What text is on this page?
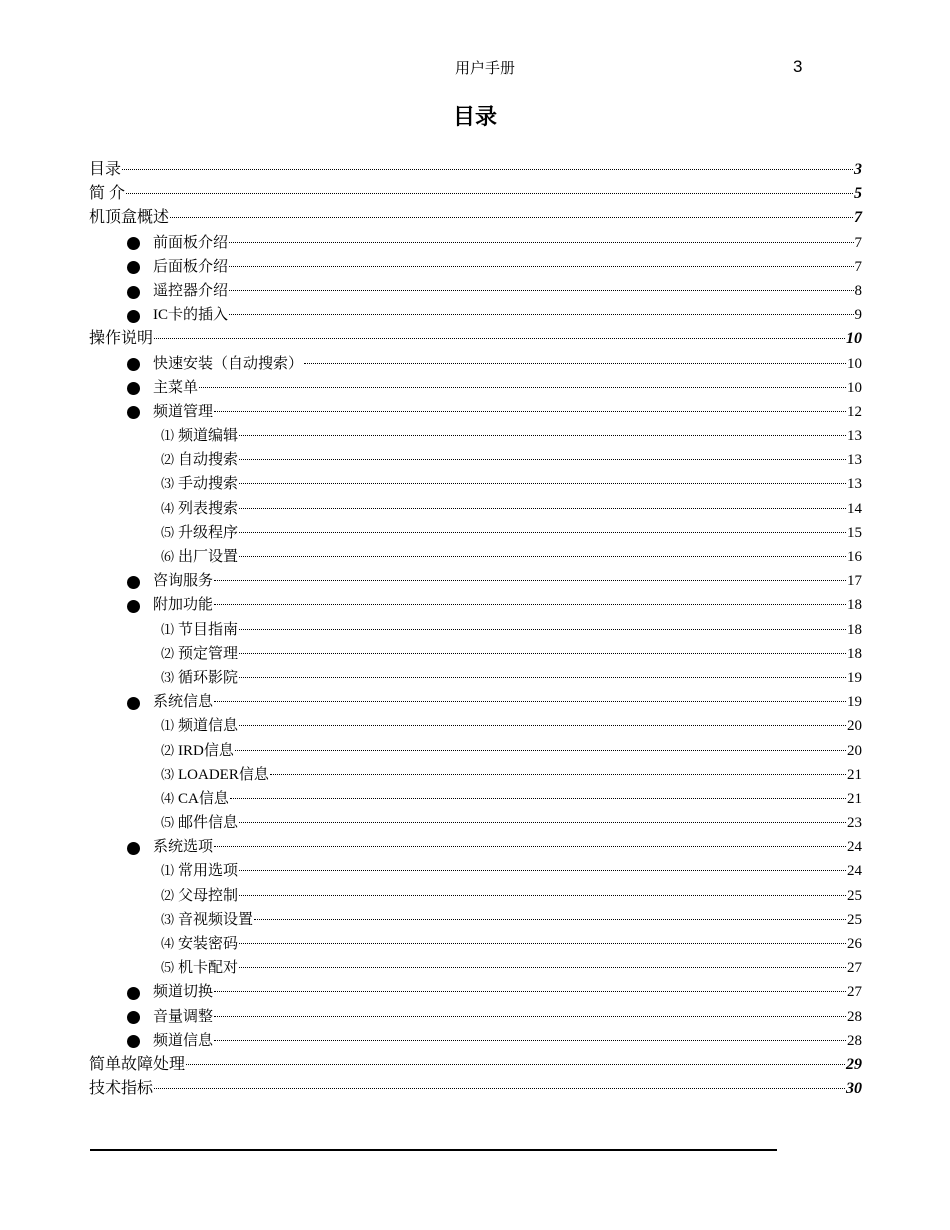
用户手册	3
目录
目录	3
简 介	5
机顶盒概述	7
前面板介绍	7
后面板介绍	7
遥控器介绍	8
IC卡的插入	9
操作说明	10
快速安装（自动搜索）	10
主菜单	10
频道管理	12
⑴ 频道编辑	13
⑵ 自动搜索	13
⑶ 手动搜索	13
⑷ 列表搜索	14
⑸ 升级程序	15
⑹ 出厂设置	16
咨询服务	17
附加功能	18
⑴ 节目指南	18
⑵ 预定管理	18
⑶ 循环影院	19
系统信息	19
⑴ 频道信息	20
⑵ IRD信息	20
⑶ LOADER信息	21
⑷ CA信息	21
⑸ 邮件信息	23
系统选项	24
⑴ 常用选项	24
⑵ 父母控制	25
⑶ 音视频设置	25
⑷ 安装密码	26
⑸ 机卡配对	27
频道切换	27
音量调整	28
频道信息	28
简单故障处理	29
技术指标	30
